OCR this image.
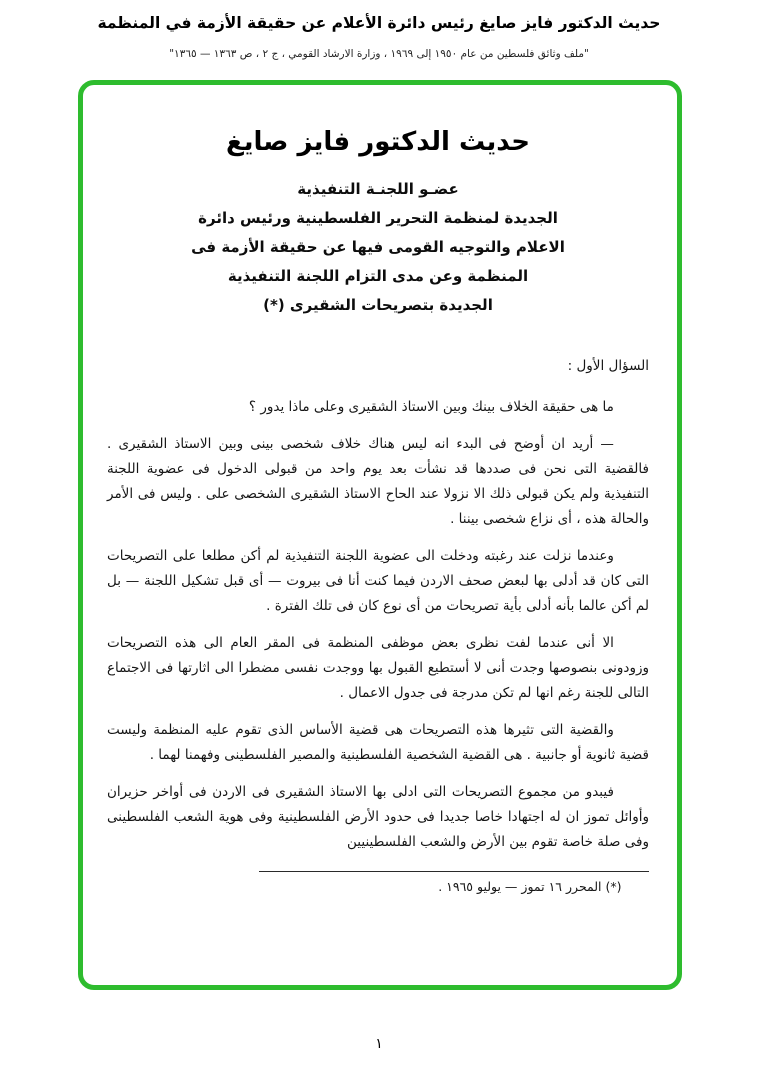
حديث الدكتور فايز صايغ رئيس دائرة الأعلام عن حقيقة الأزمة في المنظمة
"ملف وثائق فلسطين من عام ١٩٥٠ إلى ١٩٦٩ ، وزارة الارشاد القومي ، ج ٢ ، ص ١٣٦٣ — ١٣٦٥"
حديث الدكتور فايز صايغ
عضـو اللجنـة التنفيذية
الجديدة لمنظمة التحرير الفلسطينية ورئيس دائرة
الاعلام والتوجيه القومى فيها عن حقيقة الأزمة فى
المنظمة وعن مدى التزام اللجنة التنفيذية
الجديدة بتصريحات الشقيرى (*)

السؤال الأول :

ما هى حقيقة الخلاف بينك وبين الاستاذ الشقيرى وعلى ماذا يدور ؟

— أريد ان أوضح فى البدء انه ليس هناك خلاف شخصى بينى وبين الاستاذ الشقيرى . فالقضية التى نحن فى صددها قد نشأت بعد يوم واحد من قبولى الدخول فى عضوية اللجنة التنفيذية ولم يكن قبولى ذلك الا نزولا عند الحاح الاستاذ الشقيرى الشخصى على . وليس فى الأمر والحالة هذه ، أى نزاع شخصى بيننا .

وعندما نزلت عند رغبته ودخلت الى عضوية اللجنة التنفيذية لم أكن مطلعا على التصريحات التى كان قد أدلى بها لبعض صحف الاردن فيما كنت أنا فى بيروت — أى قبل تشكيل اللجنة — بل لم أكن عالما بأنه أدلى بأية تصريحات من أى نوع كان فى تلك الفترة .

الا أنى عندما لفت نظرى بعض موظفى المنظمة فى المقر العام الى هذه التصريحات وزودونى بنصوصها وجدت أنى لا أستطيع القبول بها ووجدت نفسى مضطرا الى اثارتها فى الاجتماع التالى للجنة رغم انها لم تكن مدرجة فى جدول الاعمال .

والقضية التى تثيرها هذه التصريحات هى قضية الأساس الذى تقوم عليه المنظمة وليست قضية ثانوية أو جانبية . هى القضية الشخصية الفلسطينية والمصير الفلسطينى وفهمنا لهما .

فيبدو من مجموع التصريحات التى ادلى بها الاستاذ الشقيرى فى الاردن فى أواخر حزيران وأوائل تموز ان له اجتهادا خاصا جديدا فى حدود الأرض الفلسطينية وفى هوية الشعب الفلسطينى وفى صلة خاصة تقوم بين الأرض والشعب الفلسطينيين

(*) المحرر ١٦ تموز — يوليو ١٩٦٥ .
١
